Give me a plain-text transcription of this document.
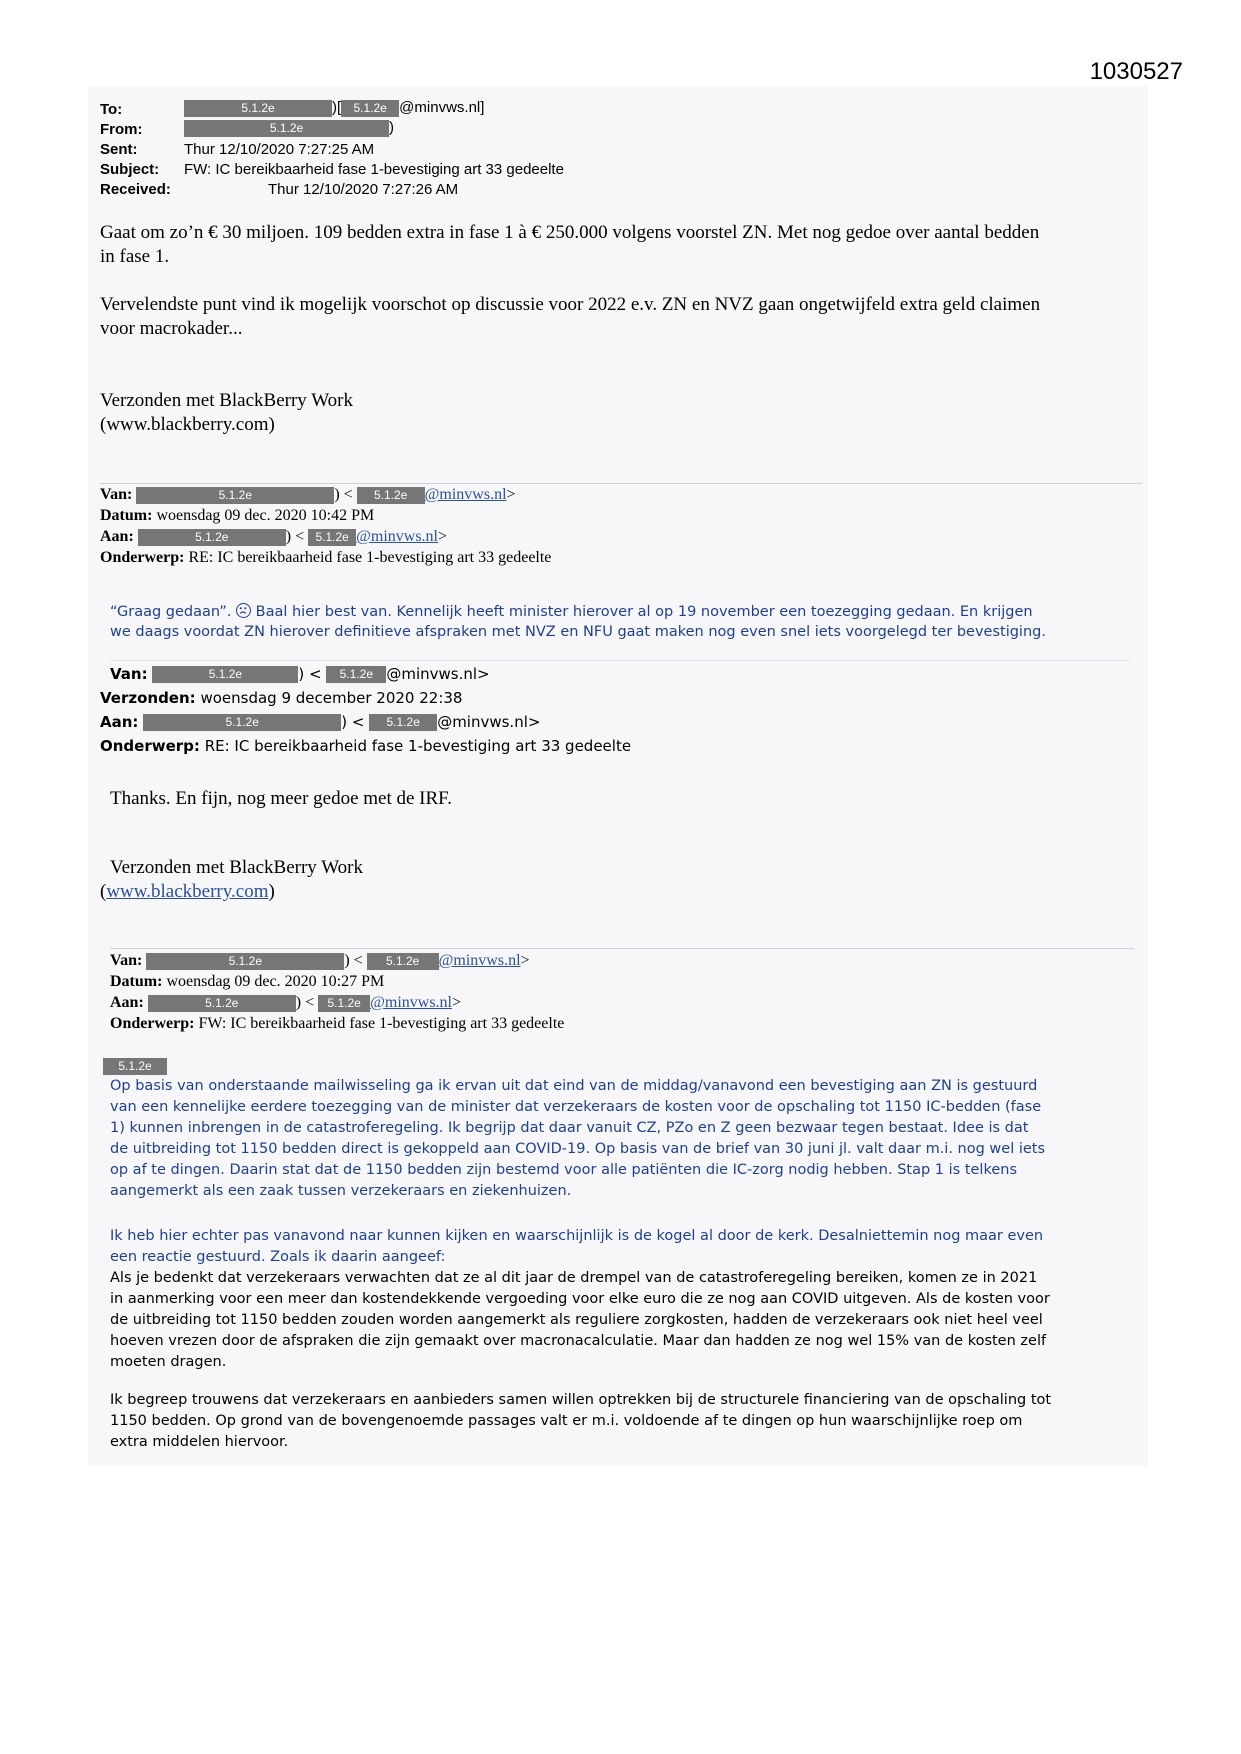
1030527
To:	5.1.2e	)[ 5.1.2e @minvws.nl]
From:	5.1.2e	)
Sent:	Thur 12/10/2020 7:27:25 AM
Subject: FW: IC bereikbaarheid fase 1-bevestiging art 33 gedeelte
Received:	Thur 12/10/2020 7:27:26 AM
Gaat om zo’n € 30 miljoen. 109 bedden extra in fase 1 à € 250.000 volgens voorstel ZN. Met nog gedoe over aantal bedden
in fase 1.
Vervelendste punt vind ik mogelijk voorschot op discussie voor 2022 e.v. ZN en NVZ gaan ongetwijfeld extra geld claimen
voor macrokader...
Verzonden met BlackBerry Work
(www.blackberry.com)
Van:	5.1.2e	) < 5.1.2e @minvws.nl>
Datum: woensdag 09 dec. 2020 10:42 PM
Aan:	5.1.2e	) < 5.1.2e @minvws.nl>
Onderwerp: RE: IC bereikbaarheid fase 1-bevestiging art 33 gedeelte
“Graag gedaan”. Baal hier best van. Kennelijk heeft minister hierover al op 19 november een toezegging gedaan. En krijgen
we daags voordat ZN hierover definitieve afspraken met NVZ en NFU gaat maken nog even snel iets voorgelegd ter bevestiging.
Van:	5.1.2e	) < 5.1.2e @minvws.nl>
Verzonden: woensdag 9 december 2020 22:38
Aan:	5.1.2e	) < 5.1.2e @minvws.nl>
Onderwerp: RE: IC bereikbaarheid fase 1-bevestiging art 33 gedeelte
Thanks. En fijn, nog meer gedoe met de IRF.
Verzonden met BlackBerry Work
(www.blackberry.com)
Van:	5.1.2e	) < 5.1.2e @minvws.nl>
Datum: woensdag 09 dec. 2020 10:27 PM
Aan:	5.1.2e	) < 5.1.2e @minvws.nl>
Onderwerp: FW: IC bereikbaarheid fase 1-bevestiging art 33 gedeelte
5.1.2e
Op basis van onderstaande mailwisseling ga ik ervan uit dat eind van de middag/vanavond een bevestiging aan ZN is gestuurd
van een kennelijke eerdere toezegging van de minister dat verzekeraars de kosten voor de opschaling tot 1150 IC-bedden (fase
1) kunnen inbrengen in de catastroferegeling. Ik begrijp dat daar vanuit CZ, PZo en Z geen bezwaar tegen bestaat. Idee is dat
de uitbreiding tot 1150 bedden direct is gekoppeld aan COVID-19. Op basis van de brief van 30 juni jl. valt daar m.i. nog wel iets
op af te dingen. Daarin stat dat de 1150 bedden zijn bestemd voor alle patiënten die IC-zorg nodig hebben. Stap 1 is telkens
aangemerkt als een zaak tussen verzekeraars en ziekenhuizen.
Ik heb hier echter pas vanavond naar kunnen kijken en waarschijnlijk is de kogel al door de kerk. Desalniettemin nog maar even
een reactie gestuurd. Zoals ik daarin aangeef:
Als je bedenkt dat verzekeraars verwachten dat ze al dit jaar de drempel van de catastroferegeling bereiken, komen ze in 2021
in aanmerking voor een meer dan kostendekkende vergoeding voor elke euro die ze nog aan COVID uitgeven. Als de kosten voor
de uitbreiding tot 1150 bedden zouden worden aangemerkt als reguliere zorgkosten, hadden de verzekeraars ook niet heel veel
hoeven vrezen door de afspraken die zijn gemaakt over macronacalculatie. Maar dan hadden ze nog wel 15% van de kosten zelf
moeten dragen.
Ik begreep trouwens dat verzekeraars en aanbieders samen willen optrekken bij de structurele financiering van de opschaling tot
1150 bedden. Op grond van de bovengenoemde passages valt er m.i. voldoende af te dingen op hun waarschijnlijke roep om
extra middelen hiervoor.
